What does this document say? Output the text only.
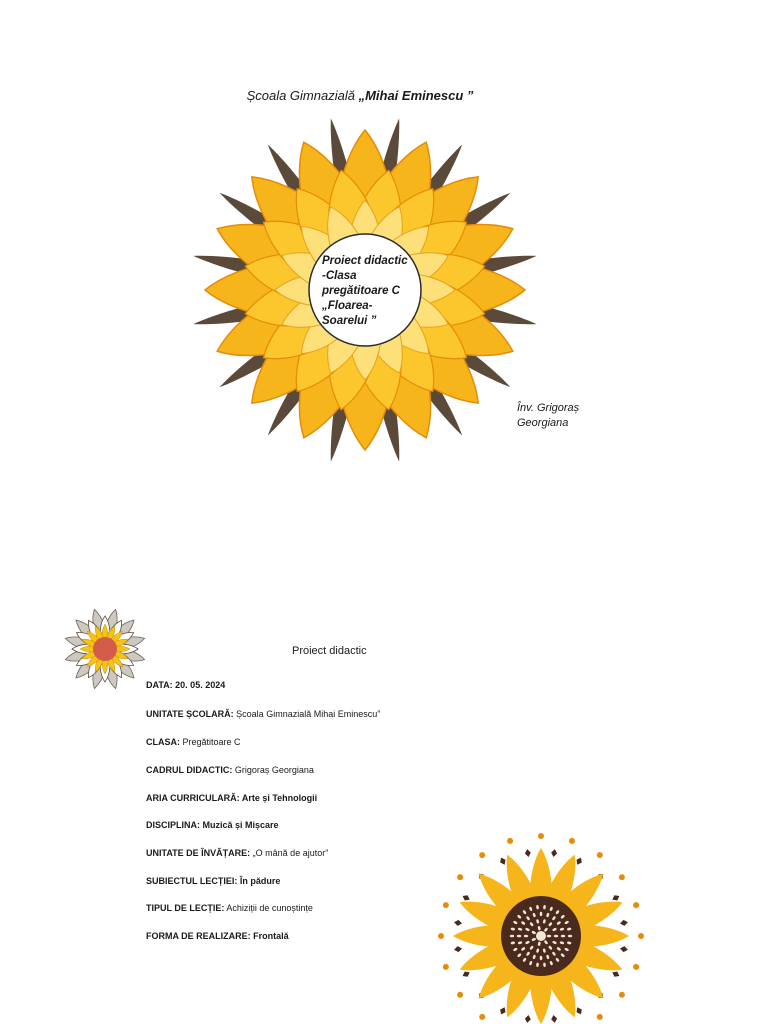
Școala Gimnazială „Mihai Eminescu ”
Proiect didactic
-Clasa
pregătitoare C
„Floarea-
Soarelui ”
Înv. Grigoraș
Georgiana
Proiect didactic
DATA: 20. 05. 2024
UNITATE ȘCOLARĂ: Școala Gimnazială Mihai Eminescu”
CLASA: Pregătitoare C
CADRUL DIDACTIC: Grigoraș Georgiana
ARIA CURRICULARĂ: Arte și Tehnologii
DISCIPLINA: Muzică și Mișcare
UNITATE DE ÎNVĂȚARE: „O mână de ajutor”
SUBIECTUL LECȚIEI: În pădure
TIPUL DE LECȚIE: Achiziții de cunoștințe
FORMA DE REALIZARE: Frontală
